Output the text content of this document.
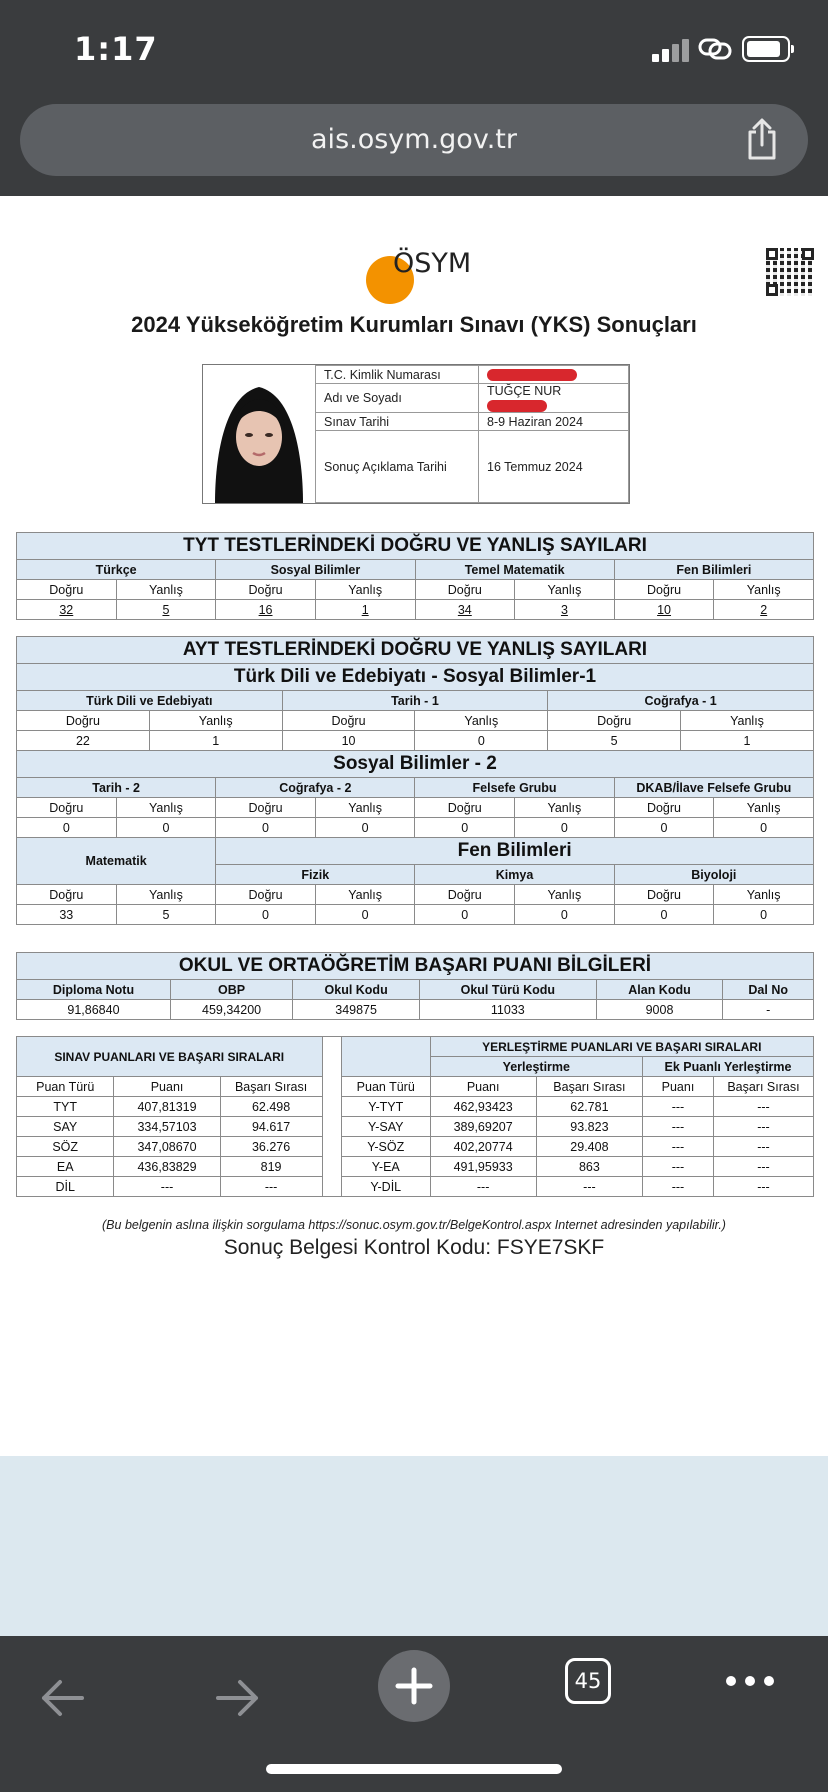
1:17
ais.osym.gov.tr
ÖSYM
2024 Yükseköğretim Kurumları Sınavı (YKS) Sonuçları
T.C. Kimlik Numarası	
Adı ve Soyadı	TUĞÇE NUR
Sınav Tarihi	8-9 Haziran 2024
Sonuç Açıklama Tarihi	16 Temmuz 2024
TYT TESTLERİNDEKİ DOĞRU VE YANLIŞ SAYILARI							
Türkçe		Sosyal Bilimler		Temel Matematik		Fen Bilimleri	
Doğru	Yanlış	Doğru	Yanlış	Doğru	Yanlış	Doğru	Yanlış
32	5	16	1	34	3	10	2
AYT TESTLERİNDEKİ DOĞRU VE YANLIŞ SAYILARI											
Türk Dili ve Edebiyatı - Sosyal Bilimler-1											
Türk Dili ve Edebiyatı				Tarih - 1				Coğrafya - 1			
Doğru		Yanlış		Doğru		Yanlış		Doğru		Yanlış	
22		1		10		0		5		1	
Sosyal Bilimler - 2											
Tarih - 2			Coğrafya - 2			Felsefe Grubu			DKAB/İlave Felsefe Grubu		
Doğru	Yanlış		Doğru		Yanlış	Doğru	Yanlış		Doğru		Yanlış
0	0		0		0	0	0		0		0
Matematik			Fen Bilimleri								
			Fizik			Kimya			Biyoloji		
Doğru	Yanlış		Doğru		Yanlış	Doğru	Yanlış		Doğru		Yanlış
33	5		0		0	0	0		0		0
OKUL VE ORTAÖĞRETİM BAŞARI PUANI BİLGİLERİ					
Diploma Notu	OBP	Okul Kodu	Okul Türü Kodu	Alan Kodu	Dal No
91,86840	459,34200	349875	11033	9008	-
SINAV PUANLARI VE BAŞARI SIRALARI					YERLEŞTİRME PUANLARI VE BAŞARI SIRALARI			
					Yerleştirme		Ek Puanlı Yerleştirme	
Puan Türü	Puanı	Başarı Sırası		Puan Türü	Puanı	Başarı Sırası	Puanı	Başarı Sırası
TYT	407,81319	62.498		Y-TYT	462,93423	62.781	---	---
SAY	334,57103	94.617		Y-SAY	389,69207	93.823	---	---
SÖZ	347,08670	36.276		Y-SÖZ	402,20774	29.408	---	---
EA	436,83829	819		Y-EA	491,95933	863	---	---
DİL	---	---		Y-DİL	---	---	---	---
(Bu belgenin aslına ilişkin sorgulama https://sonuc.osym.gov.tr/BelgeKontrol.aspx Internet adresinden yapılabilir.)
Sonuç Belgesi Kontrol Kodu: FSYE7SKF
45
